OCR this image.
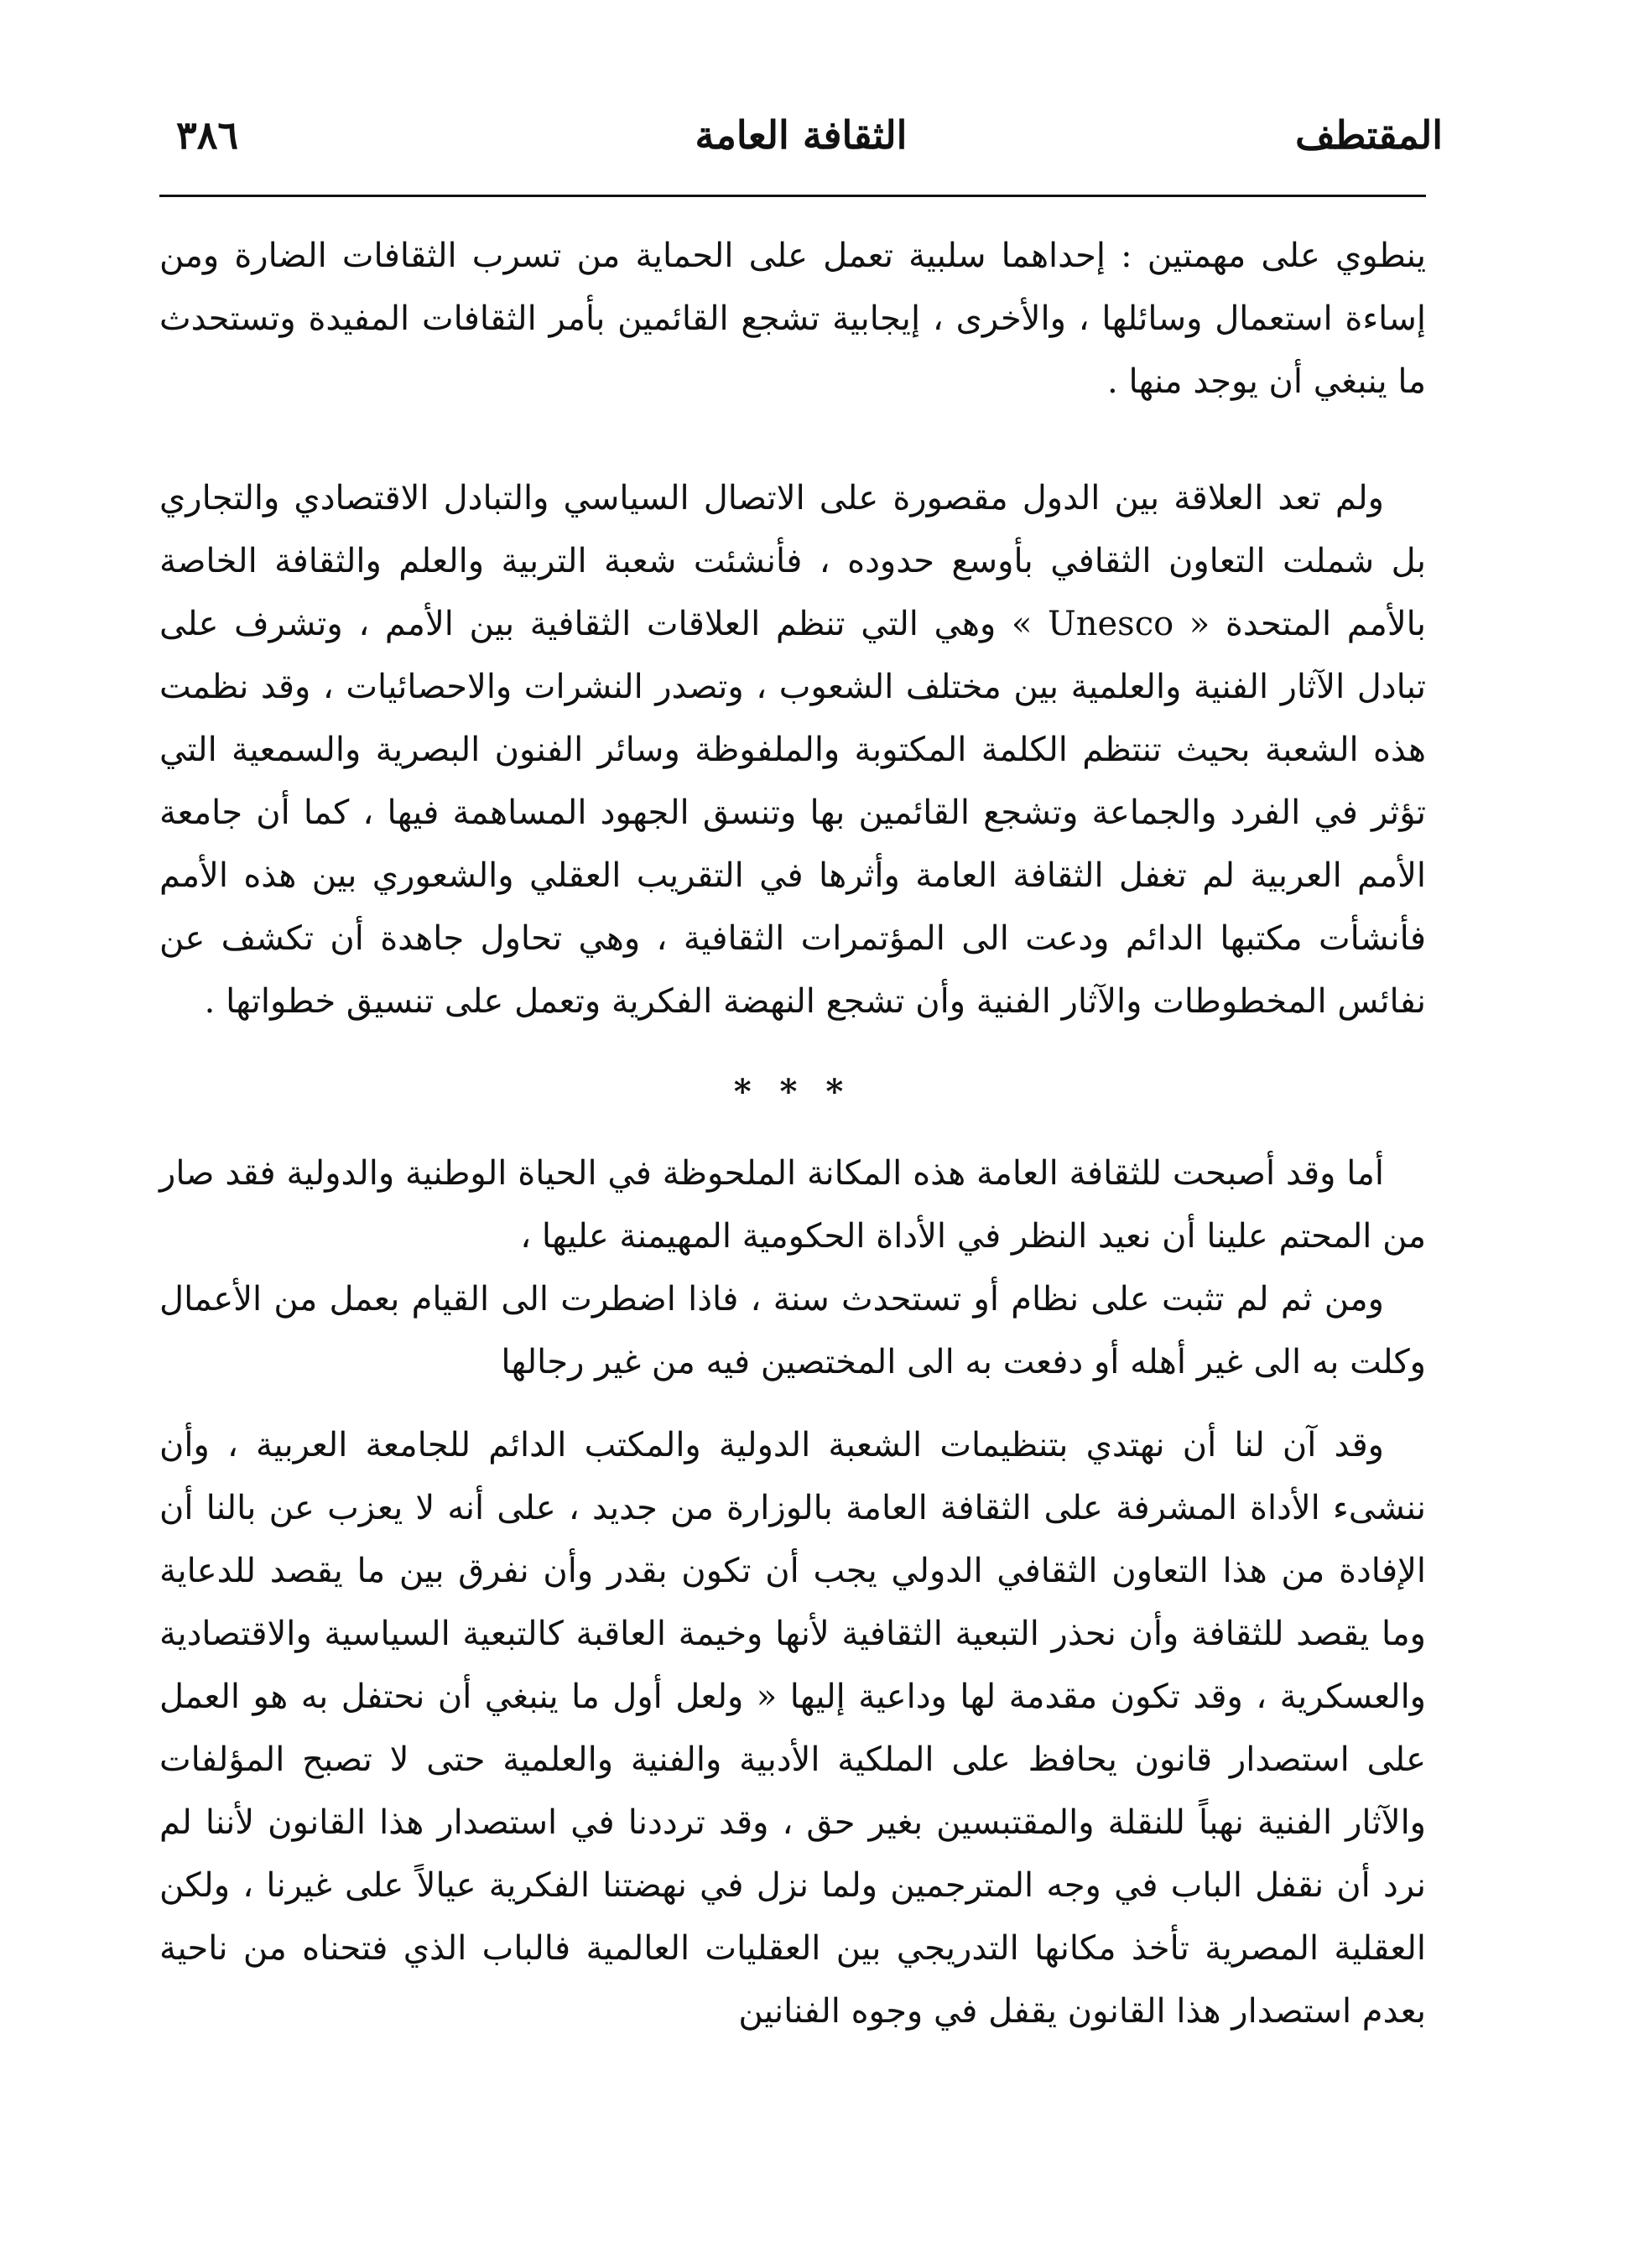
٣٨٦	الثقافة العامة	المقتطف

ينطوي على مهمتين : إحداهما سلبية تعمل على الحماية من تسرب الثقافات الضارة ومن إساءة استعمال وسائلها ، والأخرى ، إيجابية تشجع القائمين بأمر الثقافات المفيدة وتستحدث ما ينبغي أن يوجد منها .

ولم تعد العلاقة بين الدول مقصورة على الاتصال السياسي والتبادل الاقتصادي والتجاري بل شملت التعاون الثقافي بأوسع حدوده ، فأنشئت شعبة التربية والعلم والثقافة الخاصة بالأمم المتحدة « Unesco » وهي التي تنظم العلاقات الثقافية بين الأمم ، وتشرف على تبادل الآثار الفنية والعلمية بين مختلف الشعوب ، وتصدر النشرات والاحصائيات ، وقد نظمت هذه الشعبة بحيث تنتظم الكلمة المكتوبة والملفوظة وسائر الفنون البصرية والسمعية التي تؤثر في الفرد والجماعة وتشجع القائمين بها وتنسق الجهود المساهمة فيها ، كما أن جامعة الأمم العربية لم تغفل الثقافة العامة وأثرها في التقريب العقلي والشعوري بين هذه الأمم فأنشأت مكتبها الدائم ودعت الى المؤتمرات الثقافية ، وهي تحاول جاهدة أن تكشف عن نفائس المخطوطات والآثار الفنية وأن تشجع النهضة الفكرية وتعمل على تنسيق خطواتها .

* * *

أما وقد أصبحت للثقافة العامة هذه المكانة الملحوظة في الحياة الوطنية والدولية فقد صار من المحتم علينا أن نعيد النظر في الأداة الحكومية المهيمنة عليها ،

ومن ثم لم تثبت على نظام أو تستحدث سنة ، فاذا اضطرت الى القيام بعمل من الأعمال وكلت به الى غير أهله أو دفعت به الى المختصين فيه من غير رجالها

وقد آن لنا أن نهتدي بتنظيمات الشعبة الدولية والمكتب الدائم للجامعة العربية ، وأن ننشىء الأداة المشرفة على الثقافة العامة بالوزارة من جديد ، على أنه لا يعزب عن بالنا أن الإفادة من هذا التعاون الثقافي الدولي يجب أن تكون بقدر وأن نفرق بين ما يقصد للدعاية وما يقصد للثقافة وأن نحذر التبعية الثقافية لأنها وخيمة العاقبة كالتبعية السياسية والاقتصادية والعسكرية ، وقد تكون مقدمة لها وداعية إليها « ولعل أول ما ينبغي أن نحتفل به هو العمل على استصدار قانون يحافظ على الملكية الأدبية والفنية والعلمية حتى لا تصبح المؤلفات والآثار الفنية نهباً للنقلة والمقتبسين بغير حق ، وقد ترددنا في استصدار هذا القانون لأننا لم نرد أن نقفل الباب في وجه المترجمين ولما نزل في نهضتنا الفكرية عيالاً على غيرنا ، ولكن العقلية المصرية تأخذ مكانها التدريجي بين العقليات العالمية فالباب الذي فتحناه من ناحية بعدم استصدار هذا القانون يقفل في وجوه الفنانين
